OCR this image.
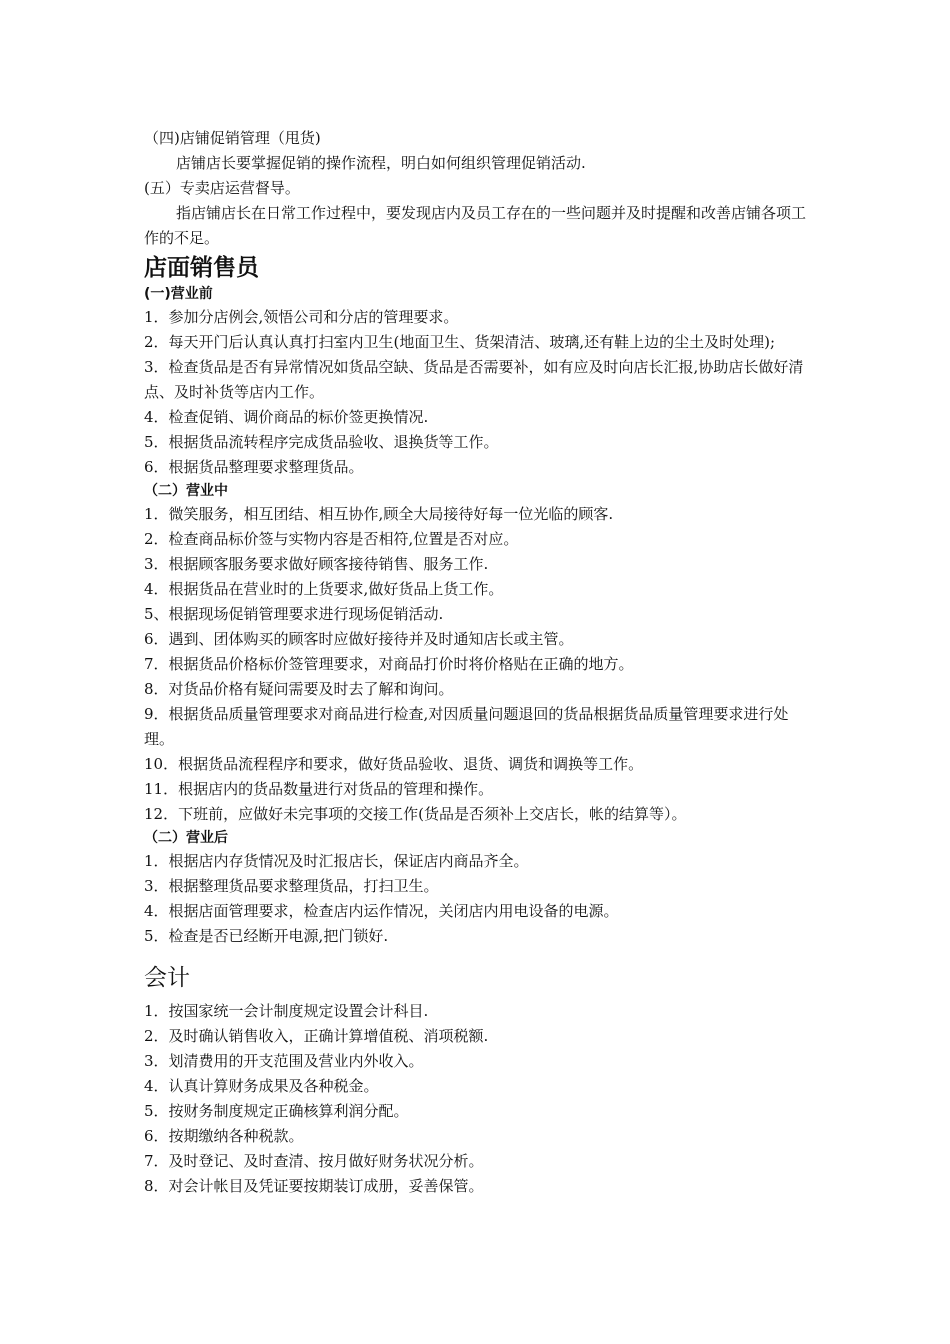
（四)店铺促销管理（甩货)
店铺店长要掌握促销的操作流程，明白如何组织管理促销活动.
(五）专卖店运营督导。
指店铺店长在日常工作过程中，要发现店内及员工存在的一些问题并及时提醒和改善店铺各项工作的不足。
店面销售员
(一)营业前
1．参加分店例会,领悟公司和分店的管理要求。
2．每天开门后认真认真打扫室内卫生(地面卫生、货架清洁、玻璃,还有鞋上边的尘土及时处理);
3．检查货品是否有异常情况如货品空缺、货品是否需要补，如有应及时向店长汇报,协助店长做好清点、及时补货等店内工作。
4．检查促销、调价商品的标价签更换情况.
5．根据货品流转程序完成货品验收、退换货等工作。
6．根据货品整理要求整理货品。
（二）营业中
1．微笑服务，相互团结、相互协作,顾全大局接待好每一位光临的顾客.
2．检查商品标价签与实物内容是否相符,位置是否对应。
3．根据顾客服务要求做好顾客接待销售、服务工作.
4．根据货品在营业时的上货要求,做好货品上货工作。
5、根据现场促销管理要求进行现场促销活动.
6．遇到、团体购买的顾客时应做好接待并及时通知店长或主管。
7．根据货品价格标价签管理要求，对商品打价时将价格贴在正确的地方。
8．对货品价格有疑问需要及时去了解和询问。
9．根据货品质量管理要求对商品进行检查,对因质量问题退回的货品根据货品质量管理要求进行处理。
10．根据货品流程程序和要求，做好货品验收、退货、调货和调换等工作。
11．根据店内的货品数量进行对货品的管理和操作。
12．下班前，应做好未完事项的交接工作(货品是否须补上交店长，帐的结算等）。
（二）营业后
1．根据店内存货情况及时汇报店长，保证店内商品齐全。
3．根据整理货品要求整理货品，打扫卫生。
4．根据店面管理要求，检查店内运作情况，关闭店内用电设备的电源。
5．检查是否已经断开电源,把门锁好.
会计
1．按国家统一会计制度规定设置会计科目.
2．及时确认销售收入，正确计算增值税、消项税额.
3．划清费用的开支范围及营业内外收入。
4．认真计算财务成果及各种税金。
5．按财务制度规定正确核算利润分配。
6．按期缴纳各种税款。
7．及时登记、及时查清、按月做好财务状况分析。
8．对会计帐目及凭证要按期装订成册，妥善保管。
